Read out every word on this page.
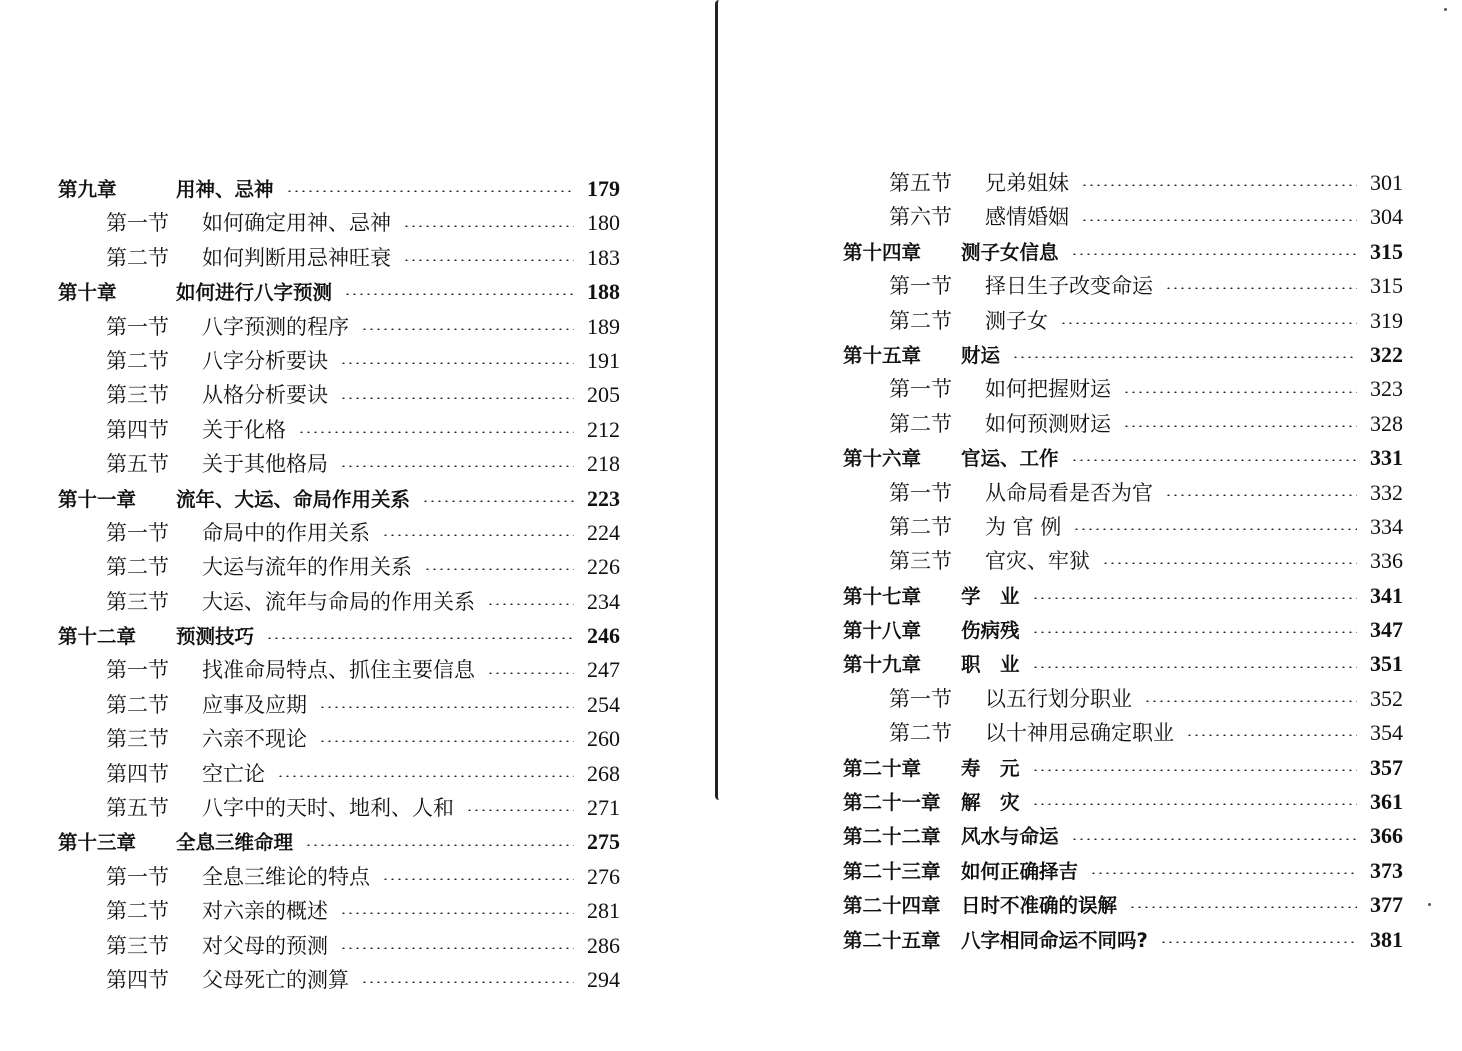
第九章	用神、忌神	179
第一节	如何确定用神、忌神	180
第二节	如何判断用忌神旺衰	183
第十章	如何进行八字预测	188
第一节	八字预测的程序	189
第二节	八字分析要诀	191
第三节	从格分析要诀	205
第四节	关于化格	212
第五节	关于其他格局	218
第十一章	流年、大运、命局作用关系	223
第一节	命局中的作用关系	224
第二节	大运与流年的作用关系	226
第三节	大运、流年与命局的作用关系	234
第十二章	预测技巧	246
第一节	找准命局特点、抓住主要信息	247
第二节	应事及应期	254
第三节	六亲不现论	260
第四节	空亡论	268
第五节	八字中的天时、地利、人和	271
第十三章	全息三维命理	275
第一节	全息三维论的特点	276
第二节	对六亲的概述	281
第三节	对父母的预测	286
第四节	父母死亡的测算	294
第五节	兄弟姐妹	301
第六节	感情婚姻	304
第十四章	测子女信息	315
第一节	择日生子改变命运	315
第二节	测子女	319
第十五章	财运	322
第一节	如何把握财运	323
第二节	如何预测财运	328
第十六章	官运、工作	331
第一节	从命局看是否为官	332
第二节	为 官 例	334
第三节	官灾、牢狱	336
第十七章	学　业	341
第十八章	伤病残	347
第十九章	职　业	351
第一节	以五行划分职业	352
第二节	以十神用忌确定职业	354
第二十章	寿　元	357
第二十一章	解　灾	361
第二十二章	风水与命运	366
第二十三章	如何正确择吉	373
第二十四章	日时不准确的误解	377
第二十五章	八字相同命运不同吗?	381
